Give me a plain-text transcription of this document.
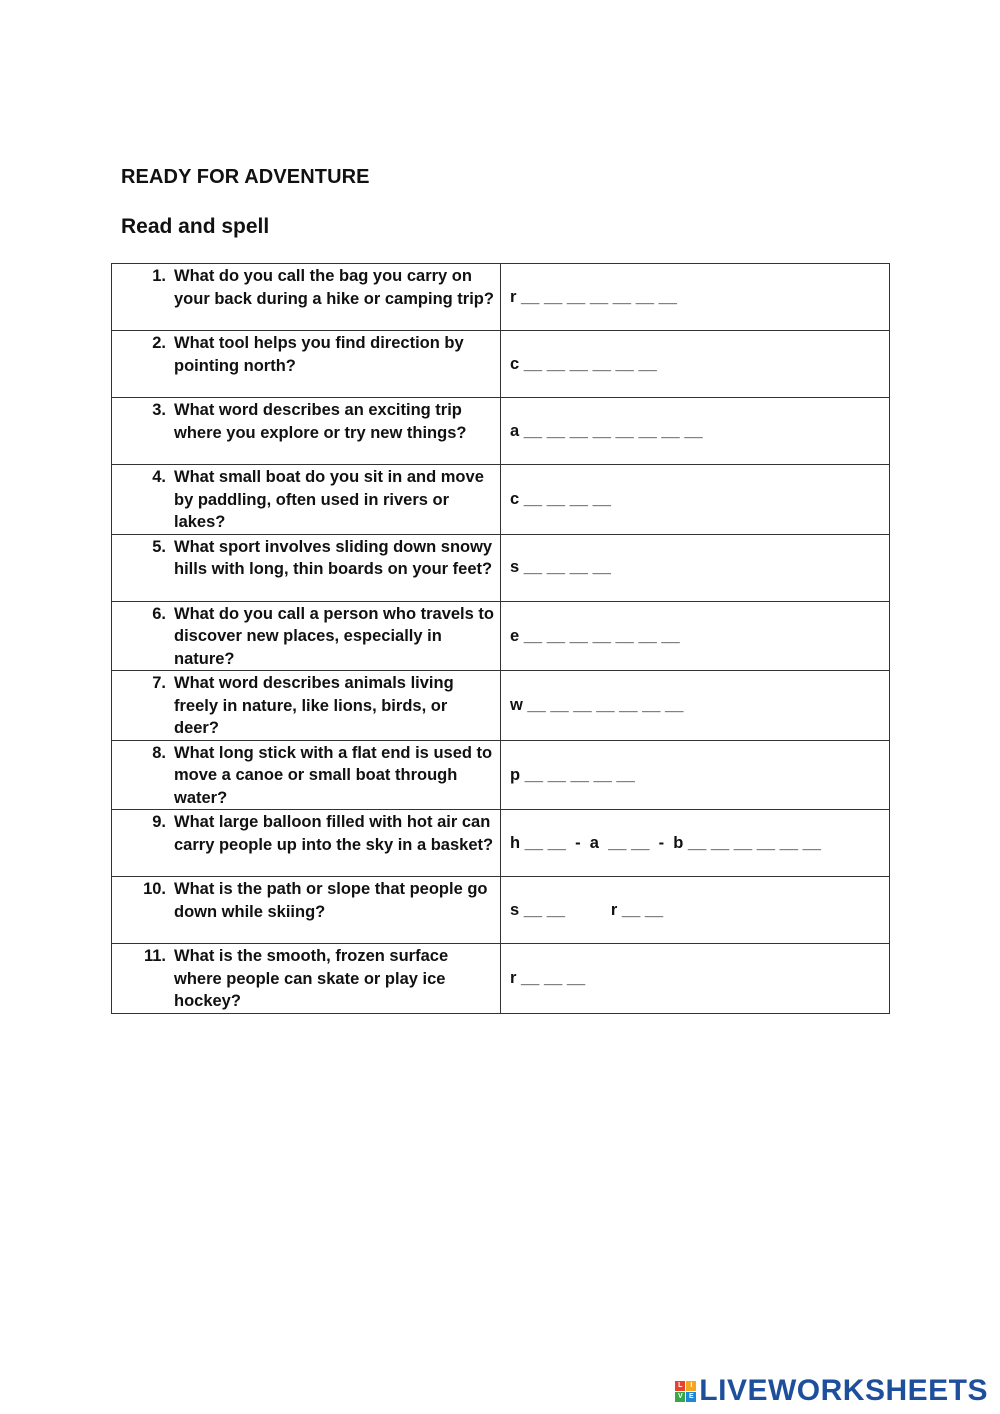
READY FOR ADVENTURE
Read and spell
1. What do you call the bag you carry on your back during a hike or camping trip?	r __ __ __ __ __ __ __

2. What tool helps you find direction by pointing north?	c __ __ __ __ __ __

3. What word describes an exciting trip where you explore or try new things?	a __ __ __ __ __ __ __ __

4. What small boat do you sit in and move by paddling, often used in rivers or lakes?	c __ __ __ __

5. What sport involves sliding down snowy hills with long, thin boards on your feet?	s __ __ __ __

6. What do you call a person who travels to discover new places, especially in nature?	e __ __ __ __ __ __ __

7. What word describes animals living freely in nature, like lions, birds, or deer?	w __ __ __ __ __ __ __

8. What long stick with a flat end is used to move a canoe or small boat through water?	p __ __ __ __ __

9. What large balloon filled with hot air can carry people up into the sky in a basket?	h __ __  -  a  __ __  -  b __ __ __ __ __ __

10. What is the path or slope that people go down while skiing?	s __ __          r __ __

11. What is the smooth, frozen surface where people can skate or play ice hockey?	r __ __ __
L	I
V E LIVEWORKSHEETS
